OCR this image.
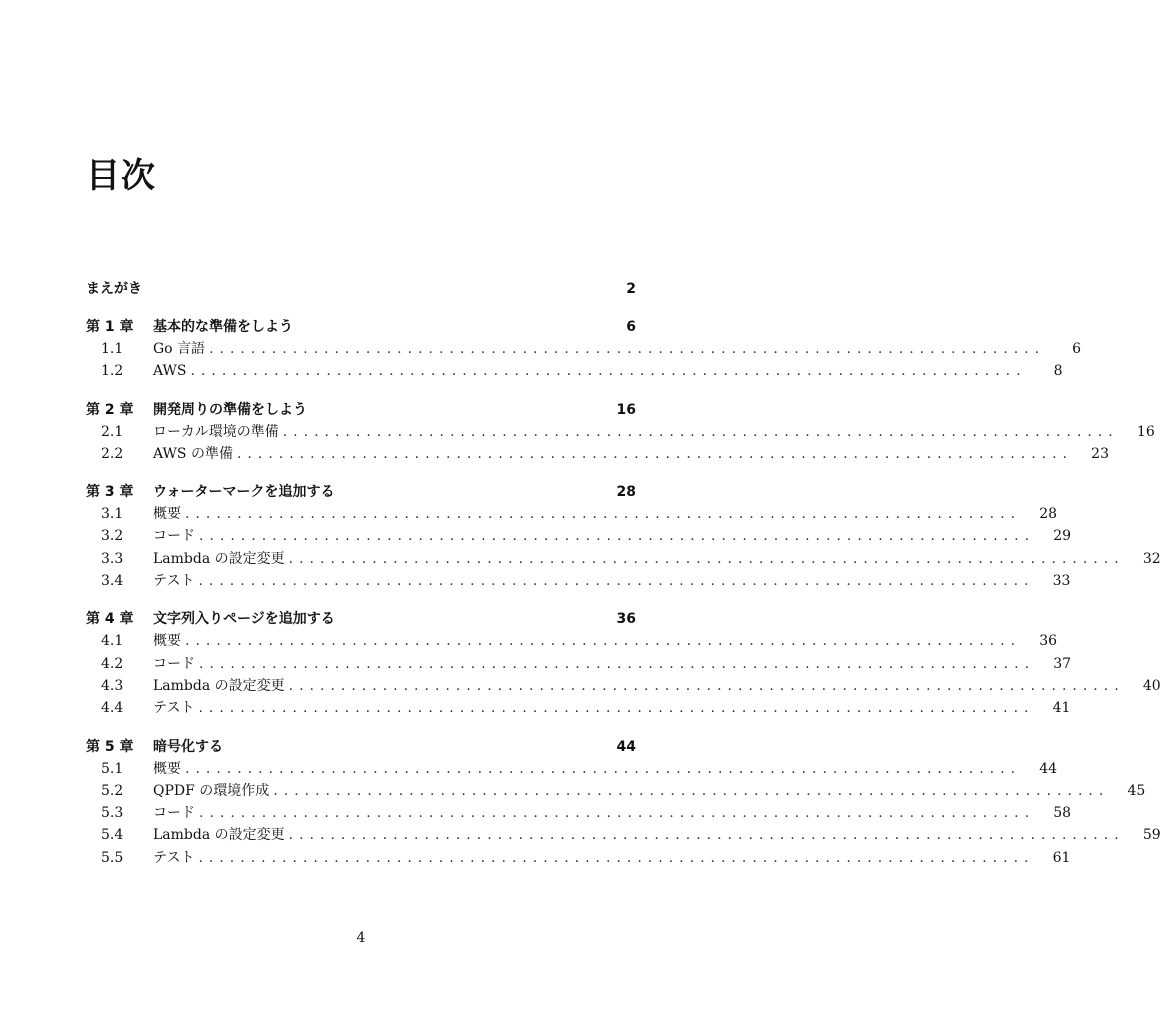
目次
まえがき	2
第 1 章	基本的な準備をしよう	6
1.1	Go 言語 ................................................................................	6
1.2	AWS ................................................................................	8
第 2 章	開発周りの準備をしよう	16
2.1	ローカル環境の準備 ................................................................................	16
2.2	AWS の準備 ................................................................................	23
第 3 章	ウォーターマークを追加する	28
3.1	概要 ................................................................................	28
3.2	コード ................................................................................	29
3.3	Lambda の設定変更 ................................................................................	32
3.4	テスト ................................................................................	33
第 4 章	文字列入りページを追加する	36
4.1	概要 ................................................................................	36
4.2	コード ................................................................................	37
4.3	Lambda の設定変更 ................................................................................	40
4.4	テスト ................................................................................	41
第 5 章	暗号化する	44
5.1	概要 ................................................................................	44
5.2	QPDF の環境作成 ................................................................................	45
5.3	コード ................................................................................	58
5.4	Lambda の設定変更 ................................................................................	59
5.5	テスト ................................................................................	61
4
